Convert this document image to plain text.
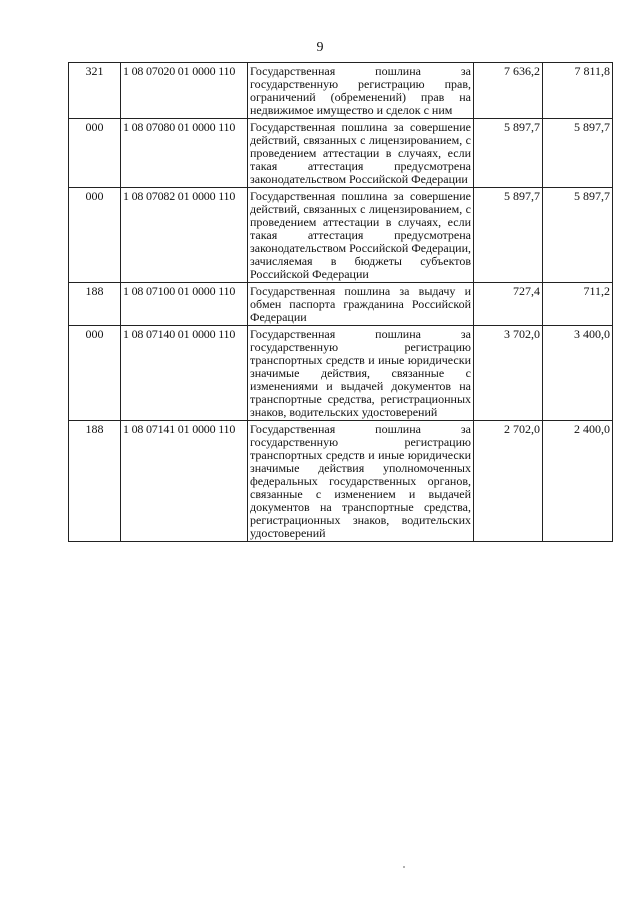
9
321	1 08 07020 01 0000 110	Государственная пошлина за государственную регистрацию прав, ограничений (обременений) прав на недвижимое имущество и сделок с ним	7 636,2	7 811,8
000	1 08 07080 01 0000 110	Государственная пошлина за совершение действий, связанных с лицензированием, с проведением аттестации в случаях, если такая аттестация предусмотрена законодательством Российской Федерации	5 897,7	5 897,7
000	1 08 07082 01 0000 110	Государственная пошлина за совершение действий, связанных с лицензированием, с проведением аттестации в случаях, если такая аттестация предусмотрена законодательством Российской Федерации, зачисляемая в бюджеты субъектов Российской Федерации	5 897,7	5 897,7
188	1 08 07100 01 0000 110	Государственная пошлина за выдачу и обмен паспорта гражданина Российской Федерации	727,4	711,2
000	1 08 07140 01 0000 110	Государственная пошлина за государственную регистрацию транспортных средств и иные юридически значимые действия, связанные с изменениями и выдачей документов на транспортные средства, регистрационных знаков, водительских удостоверений	3 702,0	3 400,0
188	1 08 07141 01 0000 110	Государственная пошлина за государственную регистрацию транспортных средств и иные юридически значимые действия уполномоченных федеральных государственных органов, связанные с изменением и выдачей документов на транспортные средства, регистрационных знаков, водительских удостоверений	2 702,0	2 400,0
